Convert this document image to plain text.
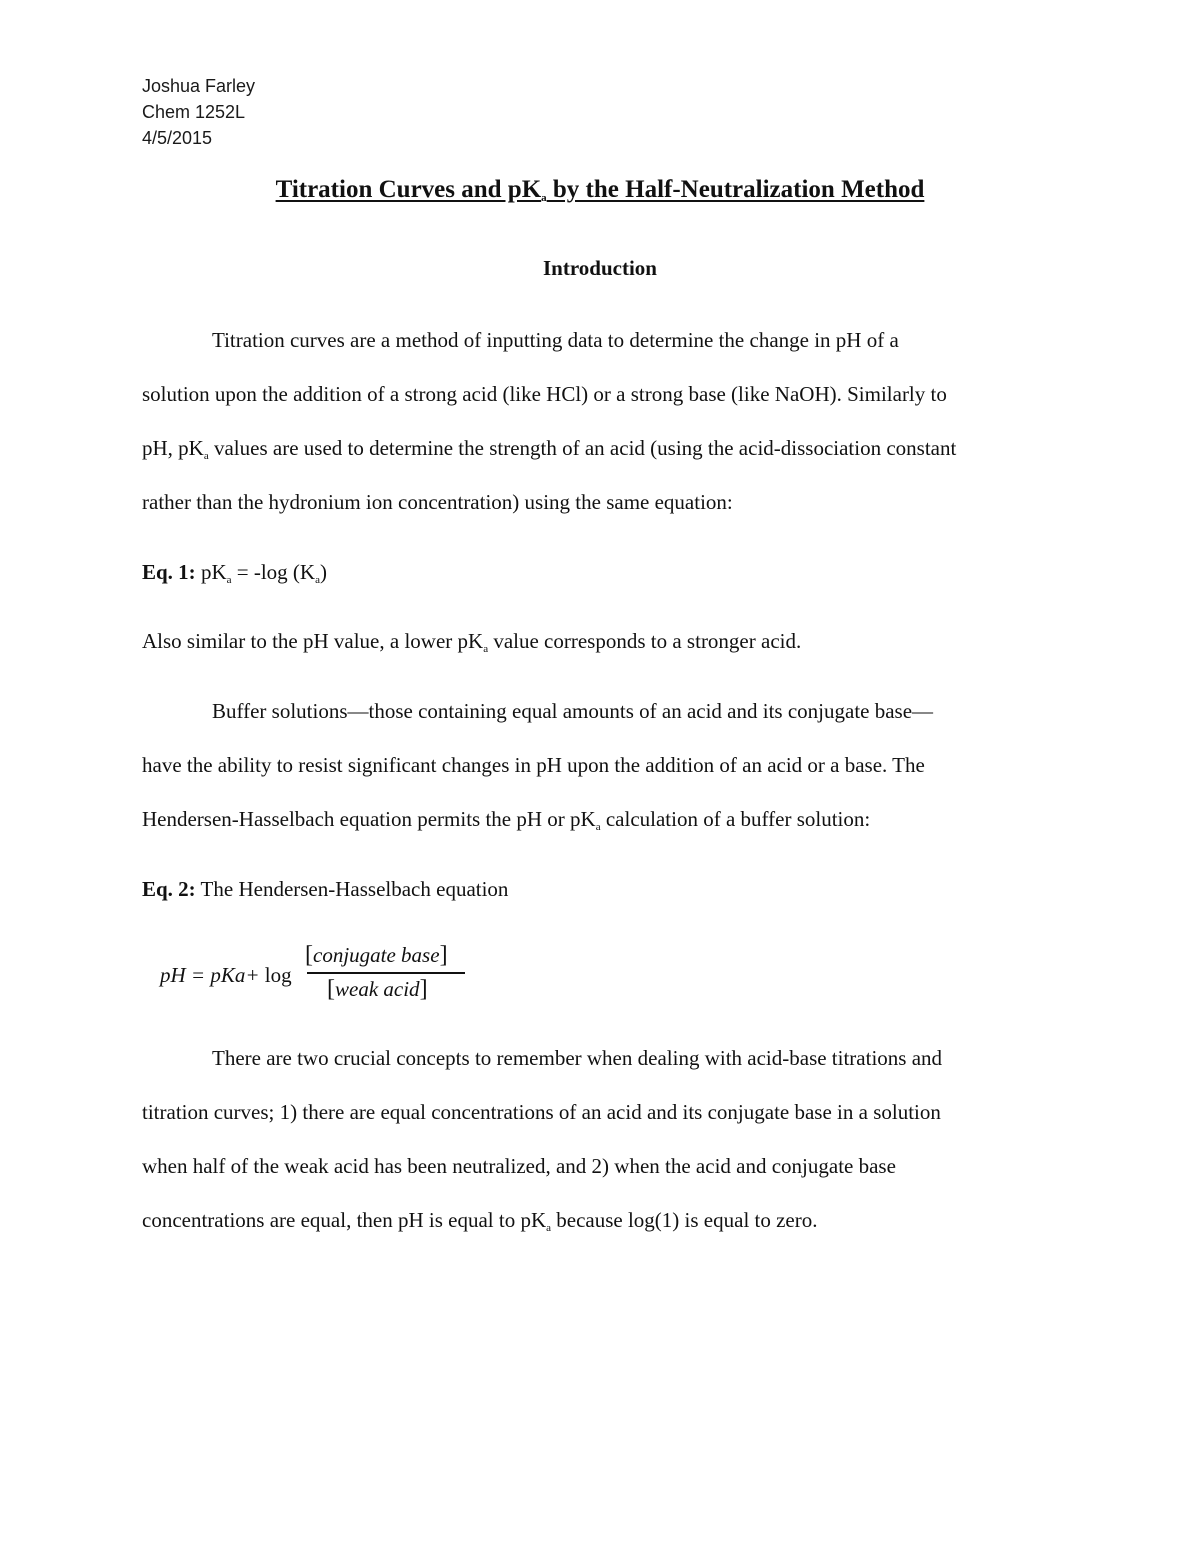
Joshua Farley
Chem 1252L
4/5/2015
Titration Curves and pKa by the Half-Neutralization Method
Introduction
Titration curves are a method of inputting data to determine the change in pH of a
solution upon the addition of a strong acid (like HCl) or a strong base (like NaOH). Similarly to
pH, pKa values are used to determine the strength of an acid (using the acid-dissociation constant
rather than the hydronium ion concentration) using the same equation:
Eq. 1: pKa = -log (Ka)
Also similar to the pH value, a lower pKa value corresponds to a stronger acid.
Buffer solutions—those containing equal amounts of an acid and its conjugate base—
have the ability to resist significant changes in pH upon the addition of an acid or a base. The
Hendersen-Hasselbach equation permits the pH or pKa calculation of a buffer solution:
Eq. 2: The Hendersen-Hasselbach equation
pH = pKa+ log
[conjugate base]
[weak acid]
There are two crucial concepts to remember when dealing with acid-base titrations and
titration curves; 1) there are equal concentrations of an acid and its conjugate base in a solution
when half of the weak acid has been neutralized, and 2) when the acid and conjugate base
concentrations are equal, then pH is equal to pKa because log(1) is equal to zero.
